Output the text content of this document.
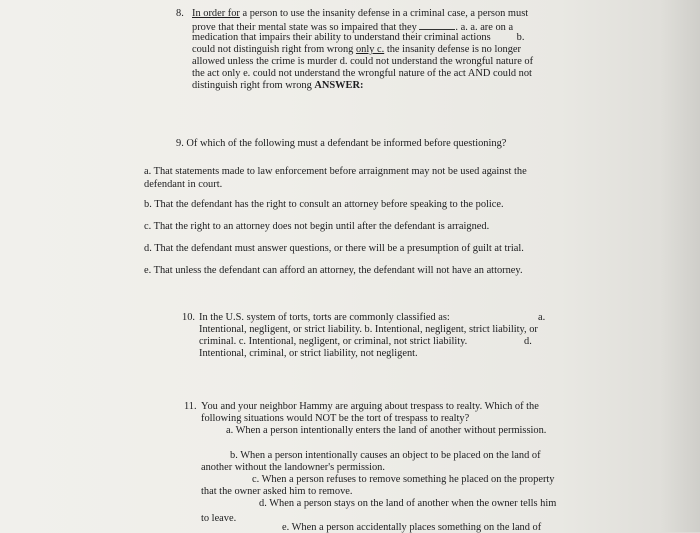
8. In order for a person to use the insanity defense in a criminal case, a person must
prove that their mental state was so impaired that they	. a. a. are on a
medication that impairs their ability to understand their criminal actions	b.
could not distinguish right from wrong only c. the insanity defense is no longer
allowed unless the crime is murder d. could not understand the wrongful nature of
the act only e. could not understand the wrongful nature of the act AND could not
distinguish right from wrong ANSWER:
9. Of which of the following must a defendant be informed before questioning?
a. That statements made to law enforcement before arraignment may not be used against the
defendant in court.
b. That the defendant has the right to consult an attorney before speaking to the police.
c. That the right to an attorney does not begin until after the defendant is arraigned.
d. That the defendant must answer questions, or there will be a presumption of guilt at trial.
e. That unless the defendant can afford an attorney, the defendant will not have an attorney.
10. In the U.S. system of torts, torts are commonly classified as:	a.
Intentional, negligent, or strict liability. b. Intentional, negligent, strict liability, or
criminal. c. Intentional, negligent, or criminal, not strict liability.	d.
Intentional, criminal, or strict liability, not negligent.
11. You and your neighbor Hammy are arguing about trespass to realty. Which of the
following situations would NOT be the tort of trespass to realty?
a. When a person intentionally enters the land of another without permission.
b. When a person intentionally causes an object to be placed on the land of
another without the landowner's permission.
c. When a person refuses to remove something he placed on the property
that the owner asked him to remove.
d. When a person stays on the land of another when the owner tells him
to leave.
e. When a person accidentally places something on the land of
